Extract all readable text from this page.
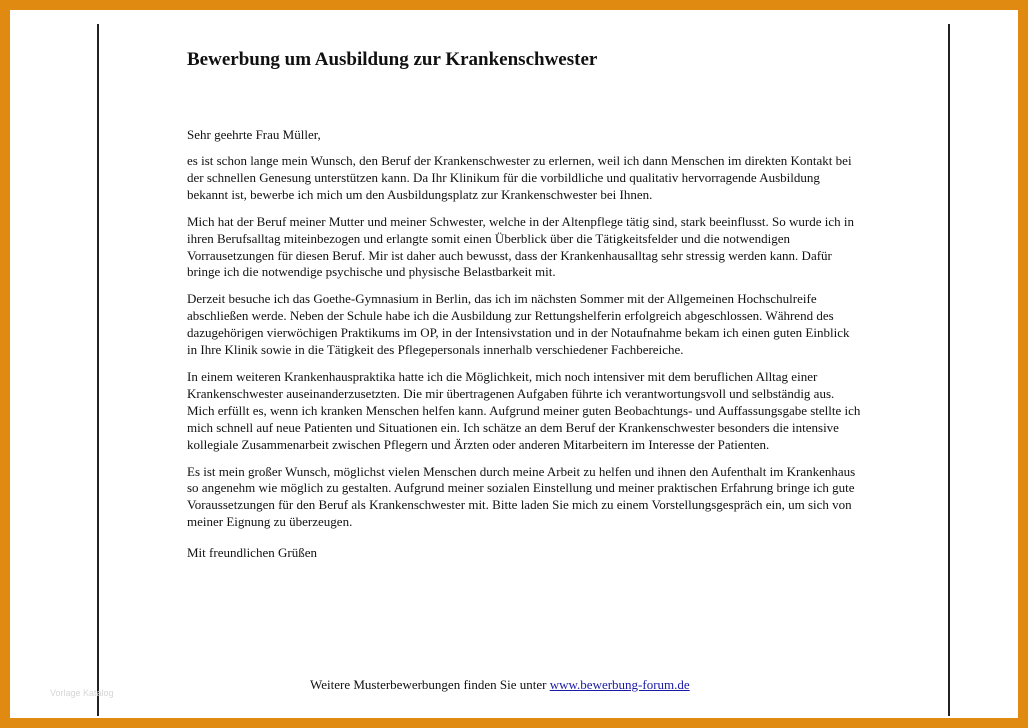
Bewerbung um Ausbildung zur Krankenschwester

Sehr geehrte Frau Müller,

es ist schon lange mein Wunsch, den Beruf der Krankenschwester zu erlernen, weil ich dann Menschen im direkten Kontakt bei der schnellen Genesung unterstützen kann. Da Ihr Klinikum für die vorbildliche und qualitativ hervorragende Ausbildung bekannt ist, bewerbe ich mich um den Ausbildungsplatz zur Krankenschwester bei Ihnen.

Mich hat der Beruf meiner Mutter und meiner Schwester, welche in der Altenpflege tätig sind, stark beeinflusst. So wurde ich in ihren Berufsalltag miteinbezogen und erlangte somit einen Überblick über die Tätigkeitsfelder und die notwendigen Vorrausetzungen für diesen Beruf. Mir ist daher auch bewusst, dass der Krankenhausalltag sehr stressig werden kann. Dafür bringe ich die notwendige psychische und physische Belastbarkeit mit.

Derzeit besuche ich das Goethe-Gymnasium in Berlin, das ich im nächsten Sommer mit der Allgemeinen Hochschulreife abschließen werde. Neben der Schule habe ich die Ausbildung zur Rettungshelferin erfolgreich abgeschlossen. Während des dazugehörigen vierwöchigen Praktikums im OP, in der Intensivstation und in der Notaufnahme bekam ich einen guten Einblick in Ihre Klinik sowie in die Tätigkeit des Pflegepersonals innerhalb verschiedener Fachbereiche.

In einem weiteren Krankenhauspraktika hatte ich die Möglichkeit, mich noch intensiver mit dem beruflichen Alltag einer Krankenschwester auseinanderzusetzten. Die mir übertragenen Aufgaben führte ich verantwortungsvoll und selbständig aus. Mich erfüllt es, wenn ich kranken Menschen helfen kann. Aufgrund meiner guten Beobachtungs- und Auffassungsgabe stellte ich mich schnell auf neue Patienten und Situationen ein. Ich schätze an dem Beruf der Krankenschwester besonders die intensive kollegiale Zusammenarbeit zwischen Pflegern und Ärzten oder anderen Mitarbeitern im Interesse der Patienten.

Es ist mein großer Wunsch, möglichst vielen Menschen durch meine Arbeit zu helfen und ihnen den Aufenthalt im Krankenhaus so angenehm wie möglich zu gestalten. Aufgrund meiner sozialen Einstellung und meiner praktischen Erfahrung bringe ich gute Voraussetzungen für den Beruf als Krankenschwester mit. Bitte laden Sie mich zu einem Vorstellungsgespräch ein, um sich von meiner Eignung zu überzeugen.

Mit freundlichen Grüßen

Weitere Musterbewerbungen finden Sie unter www.bewerbung-forum.de
Vorlage Katalog
